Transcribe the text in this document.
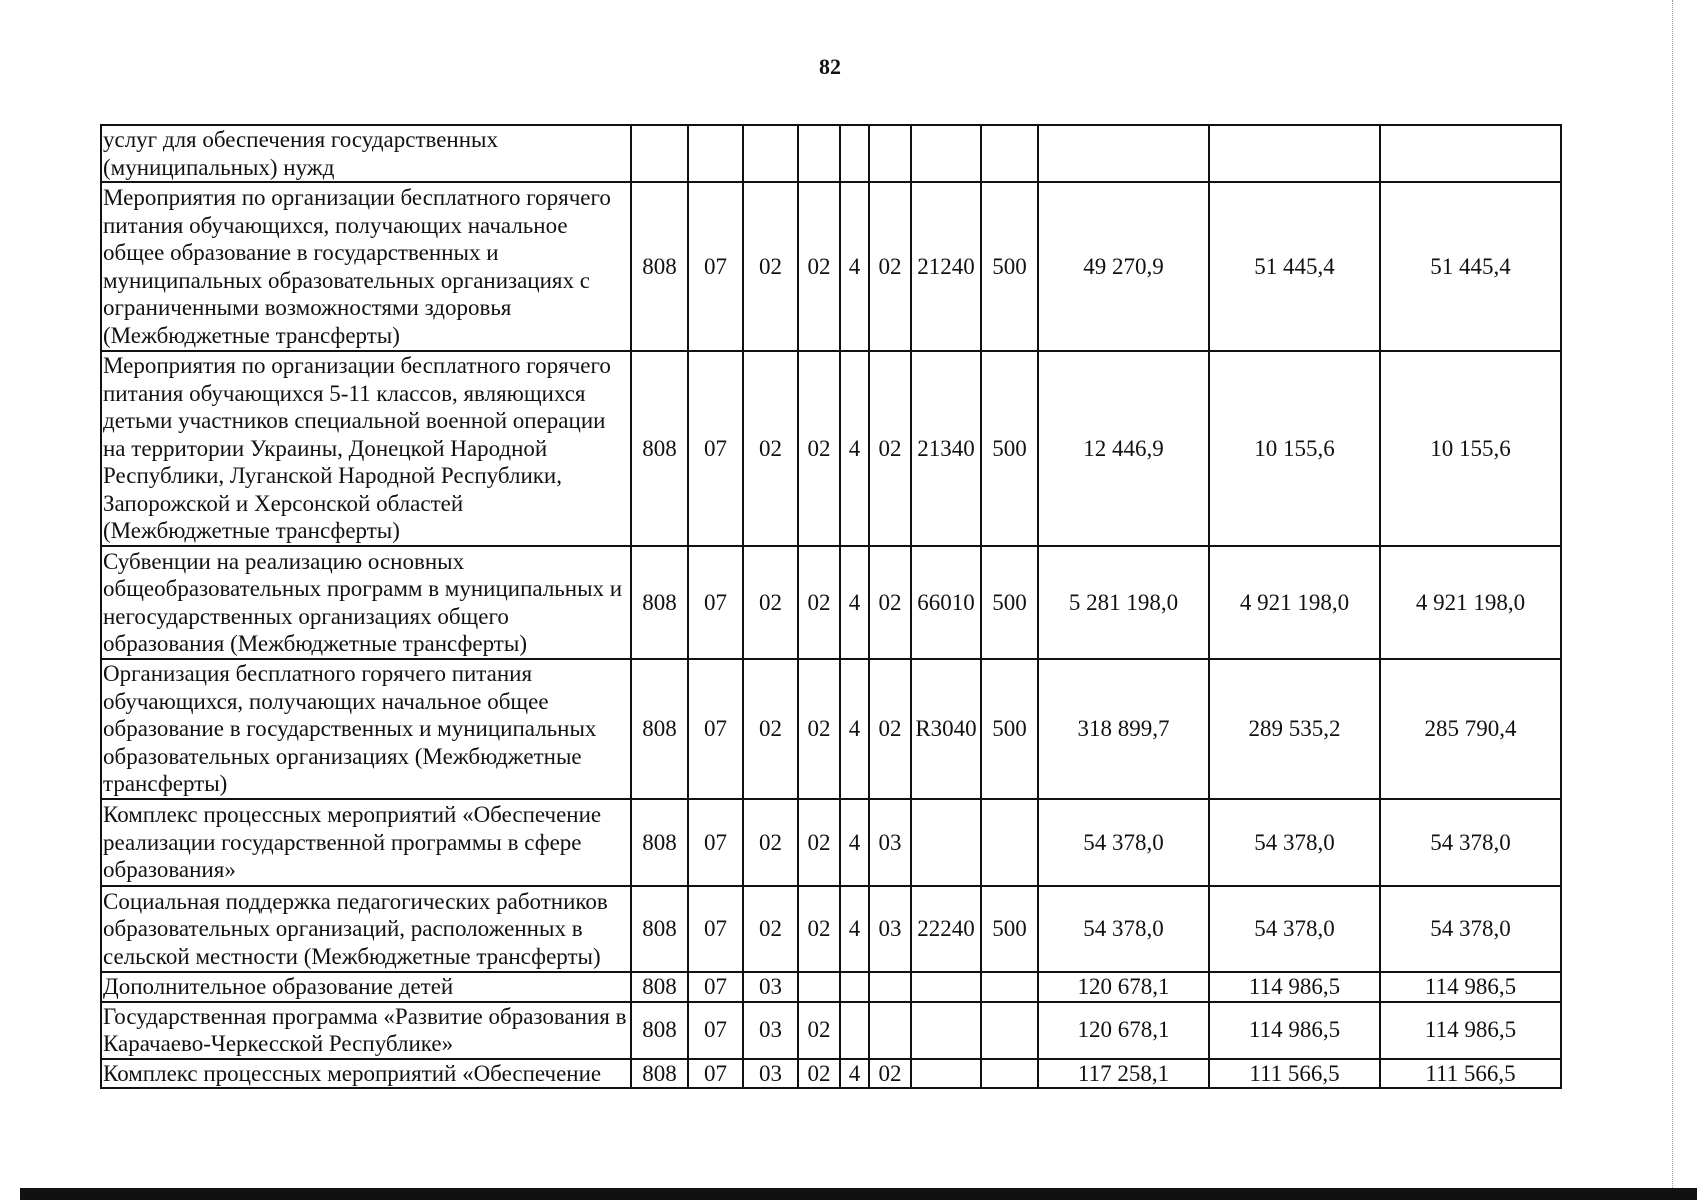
82
услуг для обеспечения государственных (муниципальных) нужд											
Мероприятия по организации бесплатного горячего питания обучающихся, получающих начальное общее образование в государственных и муниципальных образовательных организациях с ограниченными возможностями здоровья (Межбюджетные трансферты)	808	07	02	02	4	02	21240	500	49 270,9	51 445,4	51 445,4
Мероприятия по организации бесплатного горячего питания обучающихся 5-11 классов, являющихся детьми участников специальной военной операции на территории Украины, Донецкой Народной Республики, Луганской Народной Республики, Запорожской и Херсонской областей (Межбюджетные трансферты)	808	07	02	02	4	02	21340	500	12 446,9	10 155,6	10 155,6
Субвенции на реализацию основных общеобразовательных программ в муниципальных и негосударственных организациях общего образования (Межбюджетные трансферты)	808	07	02	02	4	02	66010	500	5 281 198,0	4 921 198,0	4 921 198,0
Организация бесплатного горячего питания обучающихся, получающих начальное общее образование в государственных и муниципальных образовательных организациях (Межбюджетные трансферты)	808	07	02	02	4	02	R3040	500	318 899,7	289 535,2	285 790,4
Комплекс процессных мероприятий «Обеспечение реализации государственной программы в сфере образования»	808	07	02	02	4	03			54 378,0	54 378,0	54 378,0
Социальная поддержка педагогических работников образовательных организаций, расположенных в сельской местности (Межбюджетные трансферты)	808	07	02	02	4	03	22240	500	54 378,0	54 378,0	54 378,0
Дополнительное образование детей	808	07	03						120 678,1	114 986,5	114 986,5
Государственная программа «Развитие образования в Карачаево-Черкесской Республике»	808	07	03	02					120 678,1	114 986,5	114 986,5
Комплекс процессных мероприятий «Обеспечение	808	07	03	02	4	02			117 258,1	111 566,5	111 566,5
